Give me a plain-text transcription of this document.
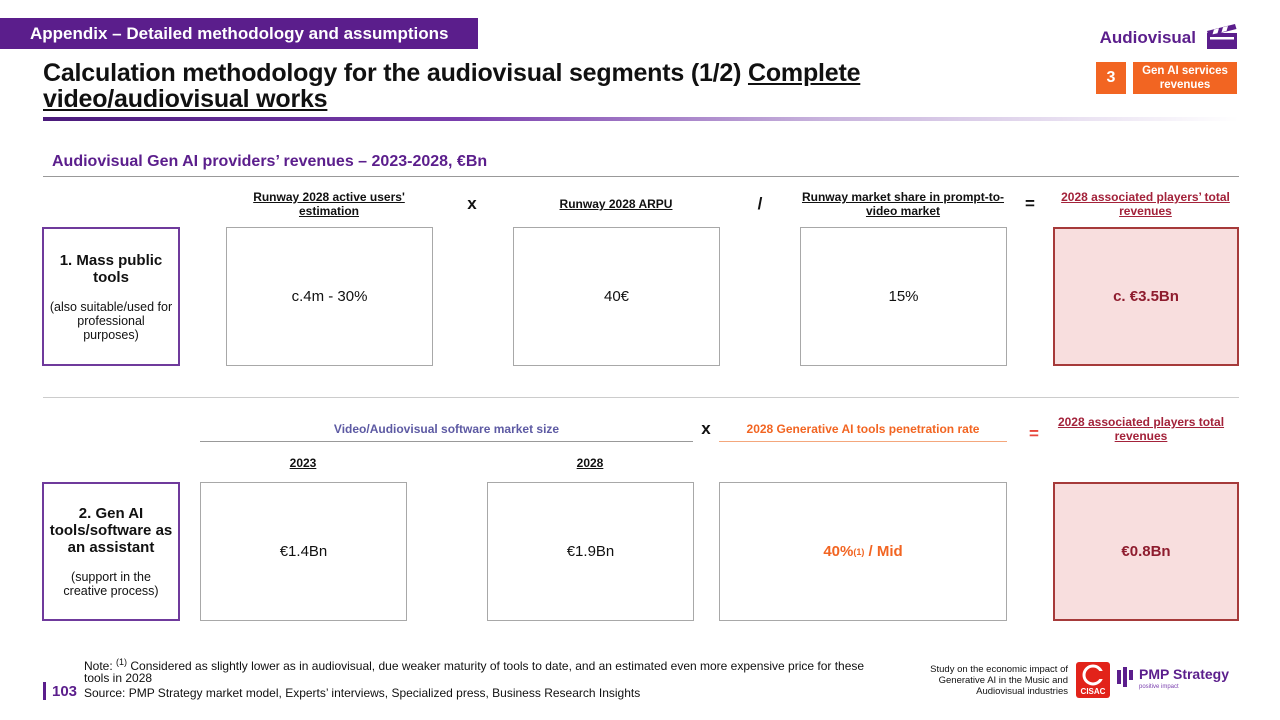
Appendix – Detailed methodology and assumptions	Audiovisual
Calculation methodology for the audiovisual segments (1/2) Complete video/audiovisual works
3	Gen AI services revenues
Audiovisual Gen AI providers’ revenues – 2023-2028, €Bn
Runway 2028 active users' estimation	x	Runway 2028 ARPU	/	Runway market share in prompt-to-video market	=	2028 associated players’ total revenues
1. Mass public tools
(also suitable/used for professional purposes)
c.4m - 30%	40€	15%	c. €3.5Bn
Video/Audiovisual software market size	x	2028 Generative AI tools penetration rate	=
2028 associated players total revenues
2023	2028
2. Gen AI tools/software as an assistant
(support in the creative process)
€1.4Bn	€1.9Bn	40% (1) / Mid	€0.8Bn
Note: $^{(1)}$ Considered as slightly lower as in audiovisual, due weaker maturity of tools to date, and an estimated even more expensive price for these tools in 2028
103 Source: PMP Strategy market model, Experts’ interviews, Specialized press, Business Research Insights
Study on the economic impact of Generative AI in the Music and Audiovisual industries CISAC
PMP Strategy
positive impact
